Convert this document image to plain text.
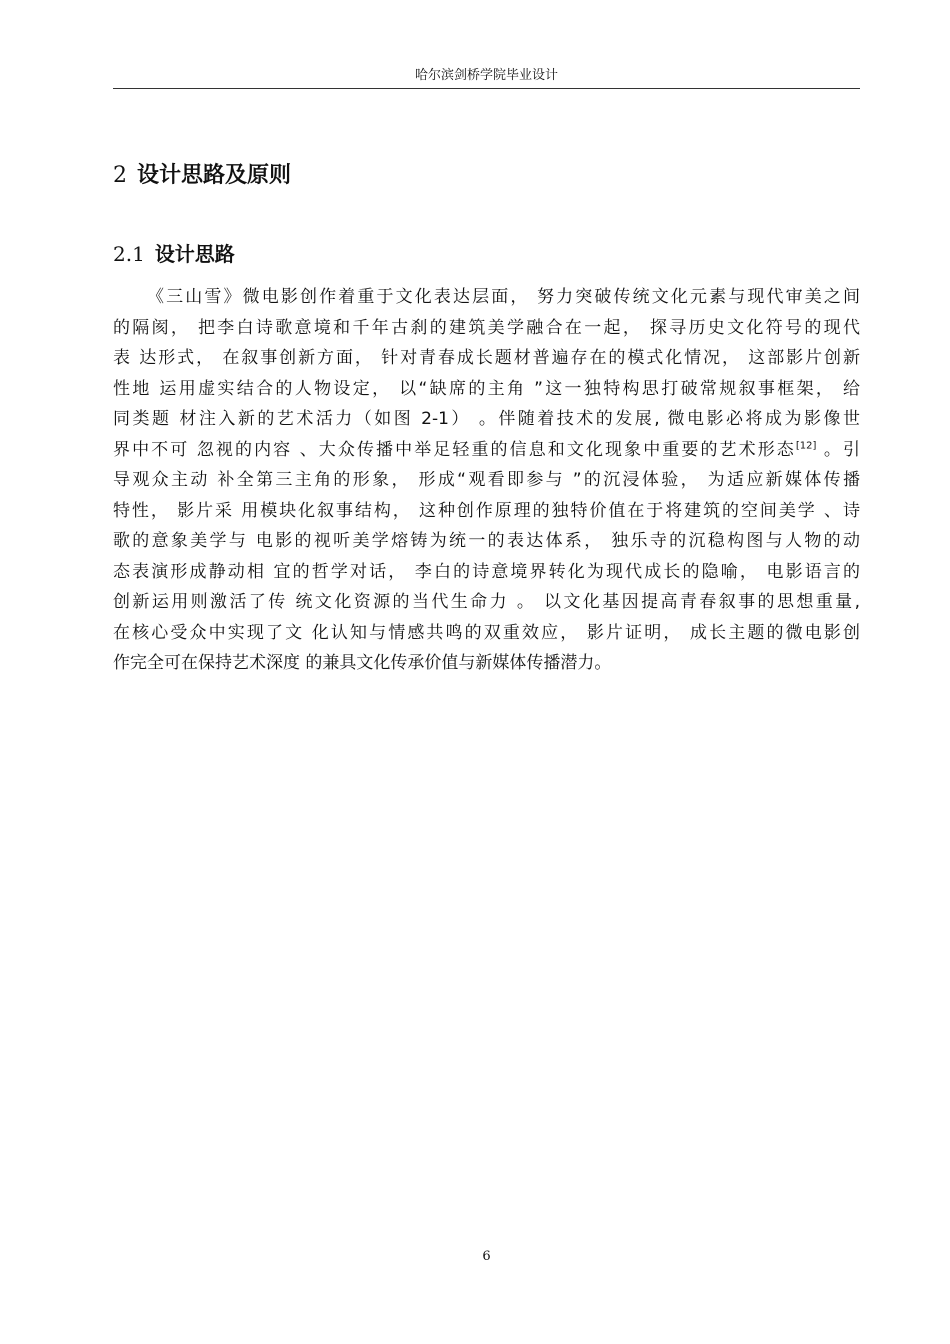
哈尔滨剑桥学院毕业设计
2 设计思路及原则
2.1 设计思路
《三山雪》微电影创作着重于文化表达层面， 努力突破传统文化元素与现代审美之间
的隔阂， 把李白诗歌意境和千年古刹的建筑美学融合在一起， 探寻历史文化符号的现代
表 达形式， 在叙事创新方面， 针对青春成长题材普遍存在的模式化情况， 这部影片创新
性地 运用虚实结合的人物设定， 以“缺席的主角 ”这一独特构思打破常规叙事框架， 给
同类题 材注入新的艺术活力（如图 2-1） 。伴随着技术的发展, 微电影必将成为影像世
界中不可 忽视的内容 、大众传播中举足轻重的信息和文化现象中重要的艺术形态[12] 。引
导观众主动 补全第三主角的形象， 形成“观看即参与 ”的沉浸体验， 为适应新媒体传播
特性， 影片采 用模块化叙事结构， 这种创作原理的独特价值在于将建筑的空间美学 、诗
歌的意象美学与 电影的视听美学熔铸为统一的表达体系， 独乐寺的沉稳构图与人物的动
态表演形成静动相 宜的哲学对话， 李白的诗意境界转化为现代成长的隐喻， 电影语言的
创新运用则激活了传 统文化资源的当代生命力 。 以文化基因提高青春叙事的思想重量,
在核心受众中实现了文 化认知与情感共鸣的双重效应， 影片证明， 成长主题的微电影创
作完全可在保持艺术深度 的兼具文化传承价值与新媒体传播潜力。
6
